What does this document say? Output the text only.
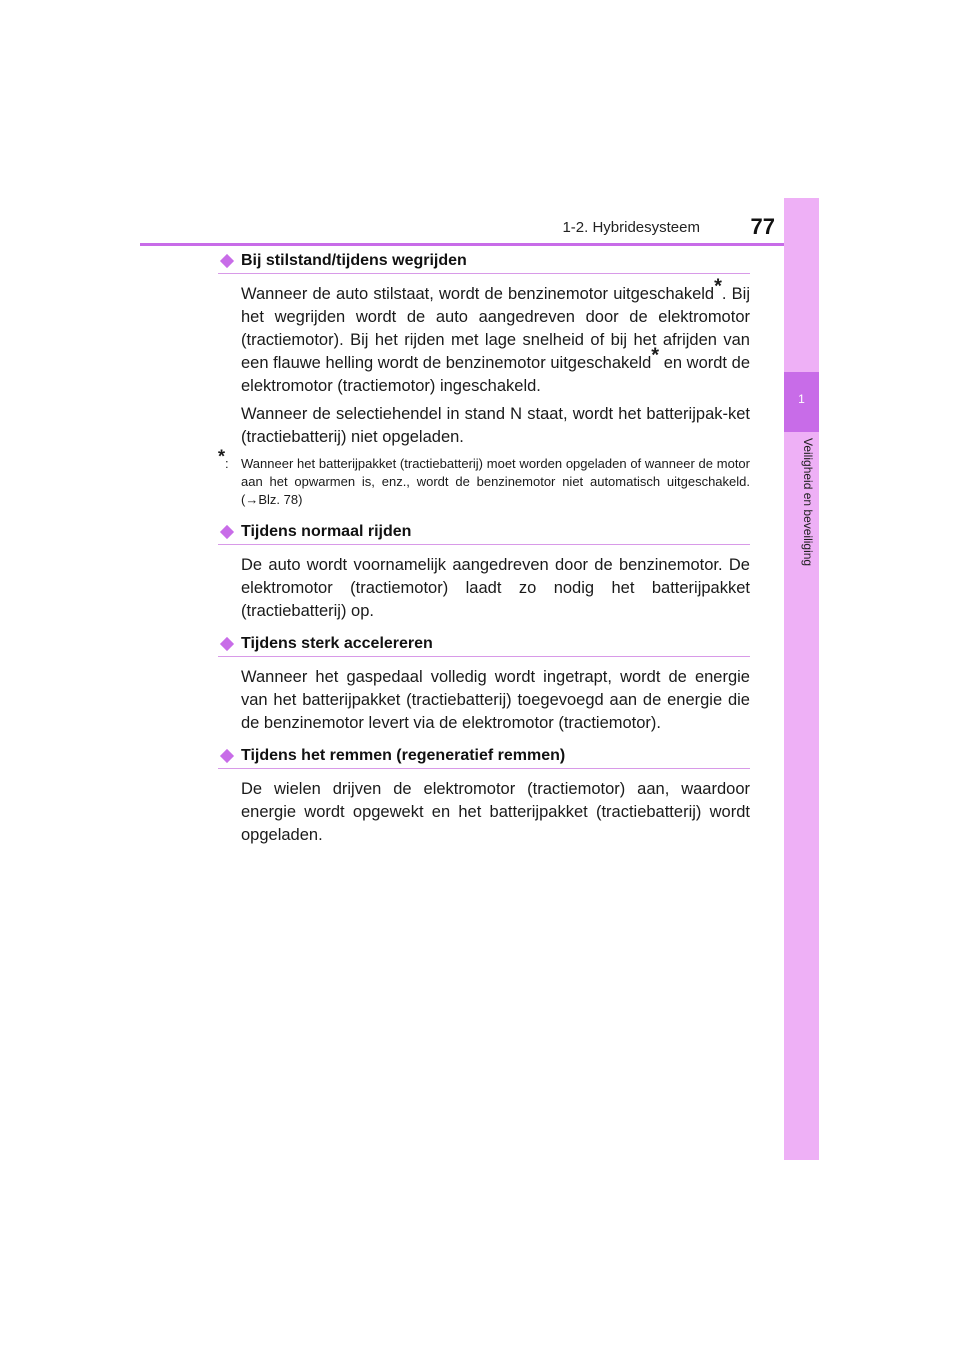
1-2. Hybridesysteem	77
1
Veiligheid en beveiliging
Bij stilstand/tijdens wegrijden

Wanneer de auto stilstaat, wordt de benzinemotor uitgeschakeld*. Bij het wegrijden wordt de auto aangedreven door de elektromotor (tractiemotor). Bij het rijden met lage snelheid of bij het afrijden van een flauwe helling wordt de benzinemotor uitgeschakeld* en wordt de elektromotor (tractiemotor) ingeschakeld.

Wanneer de selectiehendel in stand N staat, wordt het batterijpak-ket (tractiebatterij) niet opgeladen.

*: Wanneer het batterijpakket (tractiebatterij) moet worden opgeladen of wanneer de motor aan het opwarmen is, enz., wordt de benzinemotor niet automatisch uitgeschakeld. (→Blz. 78)
Tijdens normaal rijden

De auto wordt voornamelijk aangedreven door de benzinemotor. De elektromotor (tractiemotor) laadt zo nodig het batterijpakket (tractiebatterij) op.

Tijdens sterk accelereren

Wanneer het gaspedaal volledig wordt ingetrapt, wordt de energie van het batterijpakket (tractiebatterij) toegevoegd aan de energie die de benzinemotor levert via de elektromotor (tractiemotor).

Tijdens het remmen (regeneratief remmen)

De wielen drijven de elektromotor (tractiemotor) aan, waardoor energie wordt opgewekt en het batterijpakket (tractiebatterij) wordt opgeladen.
